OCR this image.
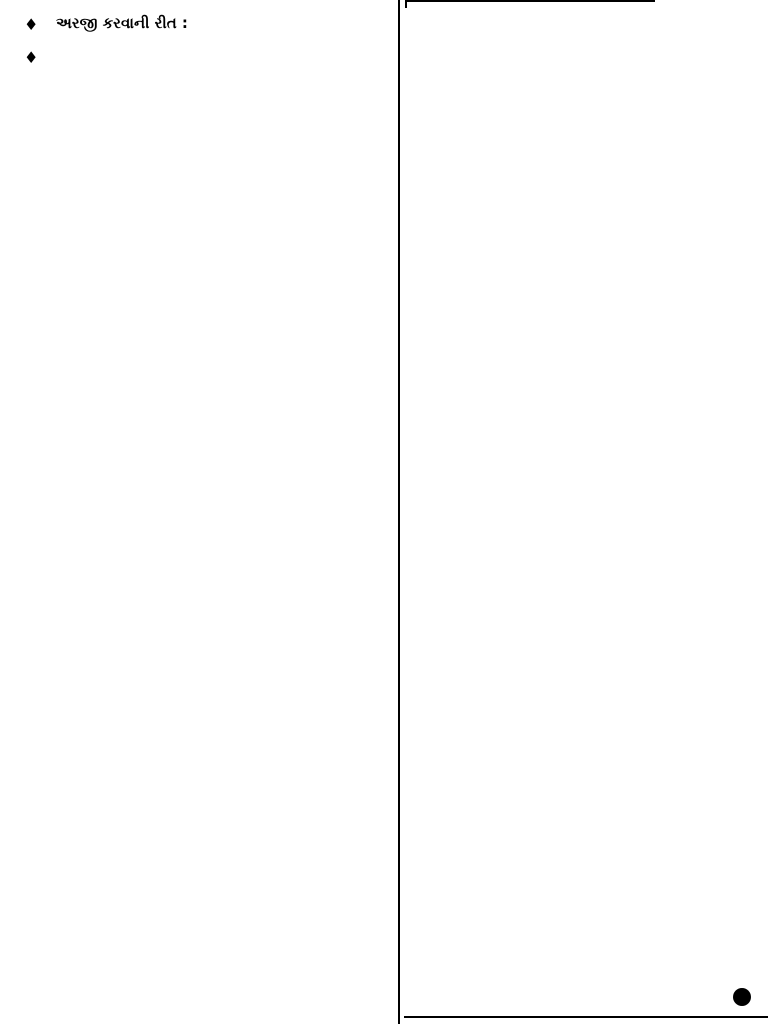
♦ અરજી કરવાની રીત :
♦
